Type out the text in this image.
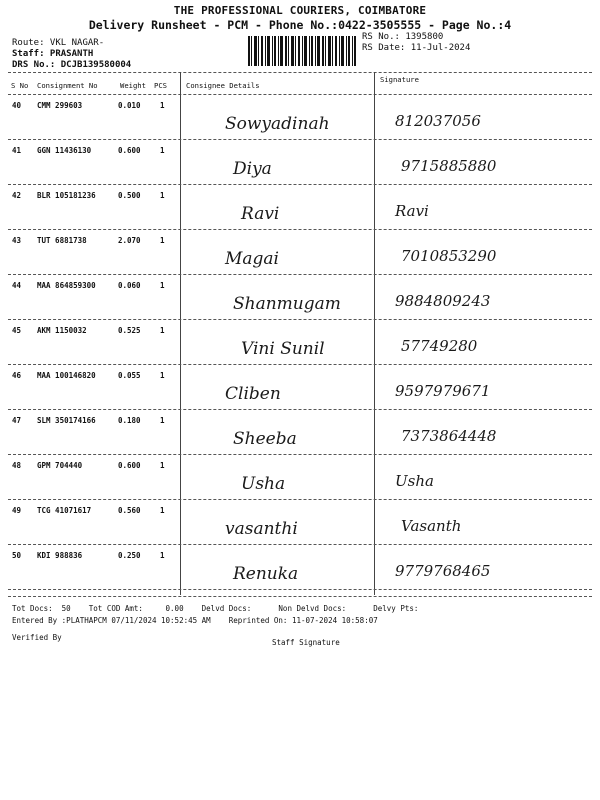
THE PROFESSIONAL COURIERS, COIMBATORE
Delivery Runsheet - PCM - Phone No.:0422-3505555 - Page No.:4
Route: VKL NAGAR-
Staff: PRASANTH
DRS No.: DCJB139580004
RS No.: 1395800
RS Date: 11-Jul-2024
S No Consignment No	Weight PCS	Consignee Details
Signature
40 CMM 299603	0.010	1
Sowyadinah	812037056
41 GGN 11436130	0.600	1
Diya	9715885880
42 BLR 105181236	0.500	1
Ravi	Ravi
43 TUT 6881738	2.070	1
Magai	7010853290
44 MAA 864859300	0.060	1
Shanmugam	9884809243
45 AKM 1150032	0.525	1
Vini Sunil	57749280
46 MAA 100146820	0.055	1
Cliben	9597979671
47 SLM 350174166	0.180	1
Sheeba	7373864448
48 GPM 704440	0.600	1
Usha	Usha
49 TCG 41071617	0.560	1
vasanthi	Vasanth
50 KDI 988836	0.250	1
Renuka	9779768465
Tot Docs:  50    Tot COD Amt:     0.00    Delvd Docs:      Non Delvd Docs:      Delvy Pts:
Entered By :PLATHAPCM 07/11/2024 10:52:45 AM    Reprinted On: 11-07-2024 10:58:07
Verified By
Staff Signature
